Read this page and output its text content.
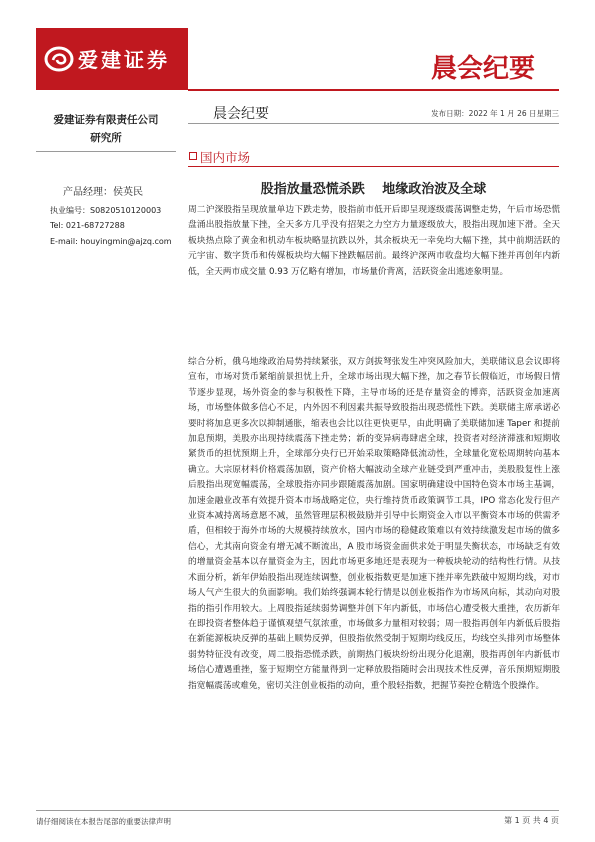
爱建证券	晨会纪要
爱建证券有限责任公司
研究所
产品经理：侯英民
执业编号：S0820510120003
Tel: 021-68727288
E-mail: houyingmin@ajzq.com
晨会纪要	发布日期：2022 年 1 月 26 日星期三
国内市场
股指放量恐慌杀跌　 地缘政治波及全球

周二沪深股指呈现放量单边下跌走势，股指前市低开后即呈现逐级震荡调整走势，午后市场恐慌盘涌出股指放量下挫，全天多方几乎没有招架之力空方力量逐级放大，股指出现加速下滑。全天板块热点除了黄金和机动车板块略显抗跌以外，其余板块无一幸免均大幅下挫，其中前期活跃的元宇宙、数字货币和传媒板块均大幅下挫跌幅居前。最终沪深两市收盘均大幅下挫并再创年内新低，全天两市成交量 0.93 万亿略有增加，市场量价背离，活跃资金出逃迹象明显。

综合分析，俄乌地缘政治局势持续紧张，双方剑拔弩张发生冲突风险加大，美联储议息会议即将宣布，市场对货币紧缩前景担忧上升，全球市场出现大幅下挫，加之春节长假临近，市场假日情节逐步显现，场外资金的参与积极性下降，主导市场的还是存量资金的博弈，活跃资金加速离场，市场整体做多信心不足，内外因不利因素共振导致股指出现恐慌性下跌。美联储主席承诺必要时将加息更多次以抑制通胀，缩表也会比以往更快更早，由此明确了美联储加速 Taper 和提前加息预期，美股亦出现持续震荡下挫走势；新的变异病毒肆虐全球，投资者对经济滞涨和短期收紧货币的担忧预期上升，全球部分央行已开始采取策略降低流动性，全球量化宽松周期转向基本确立。大宗原材料价格震荡加剧，资产价格大幅波动全球产业链受到严重冲击，美股股复性上涨后股指出现宽幅震荡，全球股指亦同步跟随震荡加剧。国家明确建设中国特色资本市场主基调，加速金融业改革有效提升资本市场战略定位，央行维持货币政策调节工具，IPO 常态化发行但产业资本减持离场意愿不减，虽然管理层积极鼓励并引导中长期资金入市以平衡资本市场的供需矛盾，但相较于海外市场的大规模持续放水，国内市场的稳健政策难以有效持续激发起市场的做多信心，尤其南向资金有增无减不断流出，A 股市场资金面供求处于明显失衡状态，市场缺乏有效的增量资金基本以存量资金为主，因此市场更多地还是表现为一种板块轮动的结构性行情。从技术面分析，新年伊始股指出现连续调整，创业板指数更是加速下挫并率先跌破中短期均线，对市场人气产生很大的负面影响。我们始终强调本轮行情是以创业板指作为市场风向标，其动向对股指的指引作用较大。上周股指延续弱势调整并创下年内新低，市场信心遭受极大重挫，农历新年在即投资者整体趋于谨慎观望气氛浓重，市场做多力量相对较弱；周一股指再创年内新低后股指在新能源板块反弹的基础上顺势反弹，但股指依然受制于短期均线反压，均线空头排列市场整体弱势特征没有改变，周二股指恐慌杀跌，前期热门板块纷纷出现分化退潮，股指再创年内新低市场信心遭遇重挫，鉴于短期空方能量得到一定释放股指随时会出现技术性反弹，音乐预期短期股指宽幅震荡或难免，密切关注创业板指的动向，重个股轻指数，把握节奏控仓精选个股操作。

请仔细阅读在本报告尾部的重要法律声明	第 1 页 共 4 页
